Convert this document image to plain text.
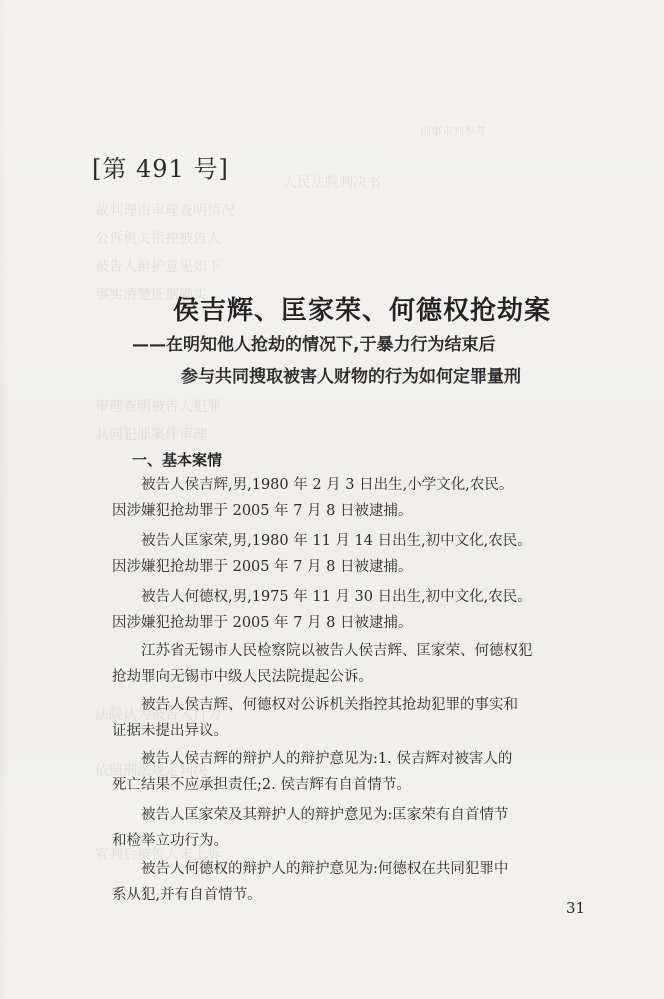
刑事审判参考
人民法院判决书
裁判理由审理查明情况
公诉机关指控被告人
被告人辩护意见如下
事实清楚证据确实
审理查明被告人犯罪
共同犯罪案件审理
法院认为被告人行为
依照刑法规定判决
宣判后被告人未上诉
[第 491 号]
侯吉辉、匡家荣、何德权抢劫案
——在明知他人抢劫的情况下,于暴力行为结束后
参与共同搜取被害人财物的行为如何定罪量刑
一、基本案情
被告人侯吉辉,男,1980 年 2 月 3 日出生,小学文化,农民。
因涉嫌犯抢劫罪于 2005 年 7 月 8 日被逮捕。
被告人匡家荣,男,1980 年 11 月 14 日出生,初中文化,农民。
因涉嫌犯抢劫罪于 2005 年 7 月 8 日被逮捕。
被告人何德权,男,1975 年 11 月 30 日出生,初中文化,农民。
因涉嫌犯抢劫罪于 2005 年 7 月 8 日被逮捕。
江苏省无锡市人民检察院以被告人侯吉辉、匡家荣、何德权犯
抢劫罪向无锡市中级人民法院提起公诉。
被告人侯吉辉、何德权对公诉机关指控其抢劫犯罪的事实和
证据未提出异议。
被告人侯吉辉的辩护人的辩护意见为:1. 侯吉辉对被害人的
死亡结果不应承担责任;2. 侯吉辉有自首情节。
被告人匡家荣及其辩护人的辩护意见为:匡家荣有自首情节
和检举立功行为。
被告人何德权的辩护人的辩护意见为:何德权在共同犯罪中
系从犯,并有自首情节。
31
